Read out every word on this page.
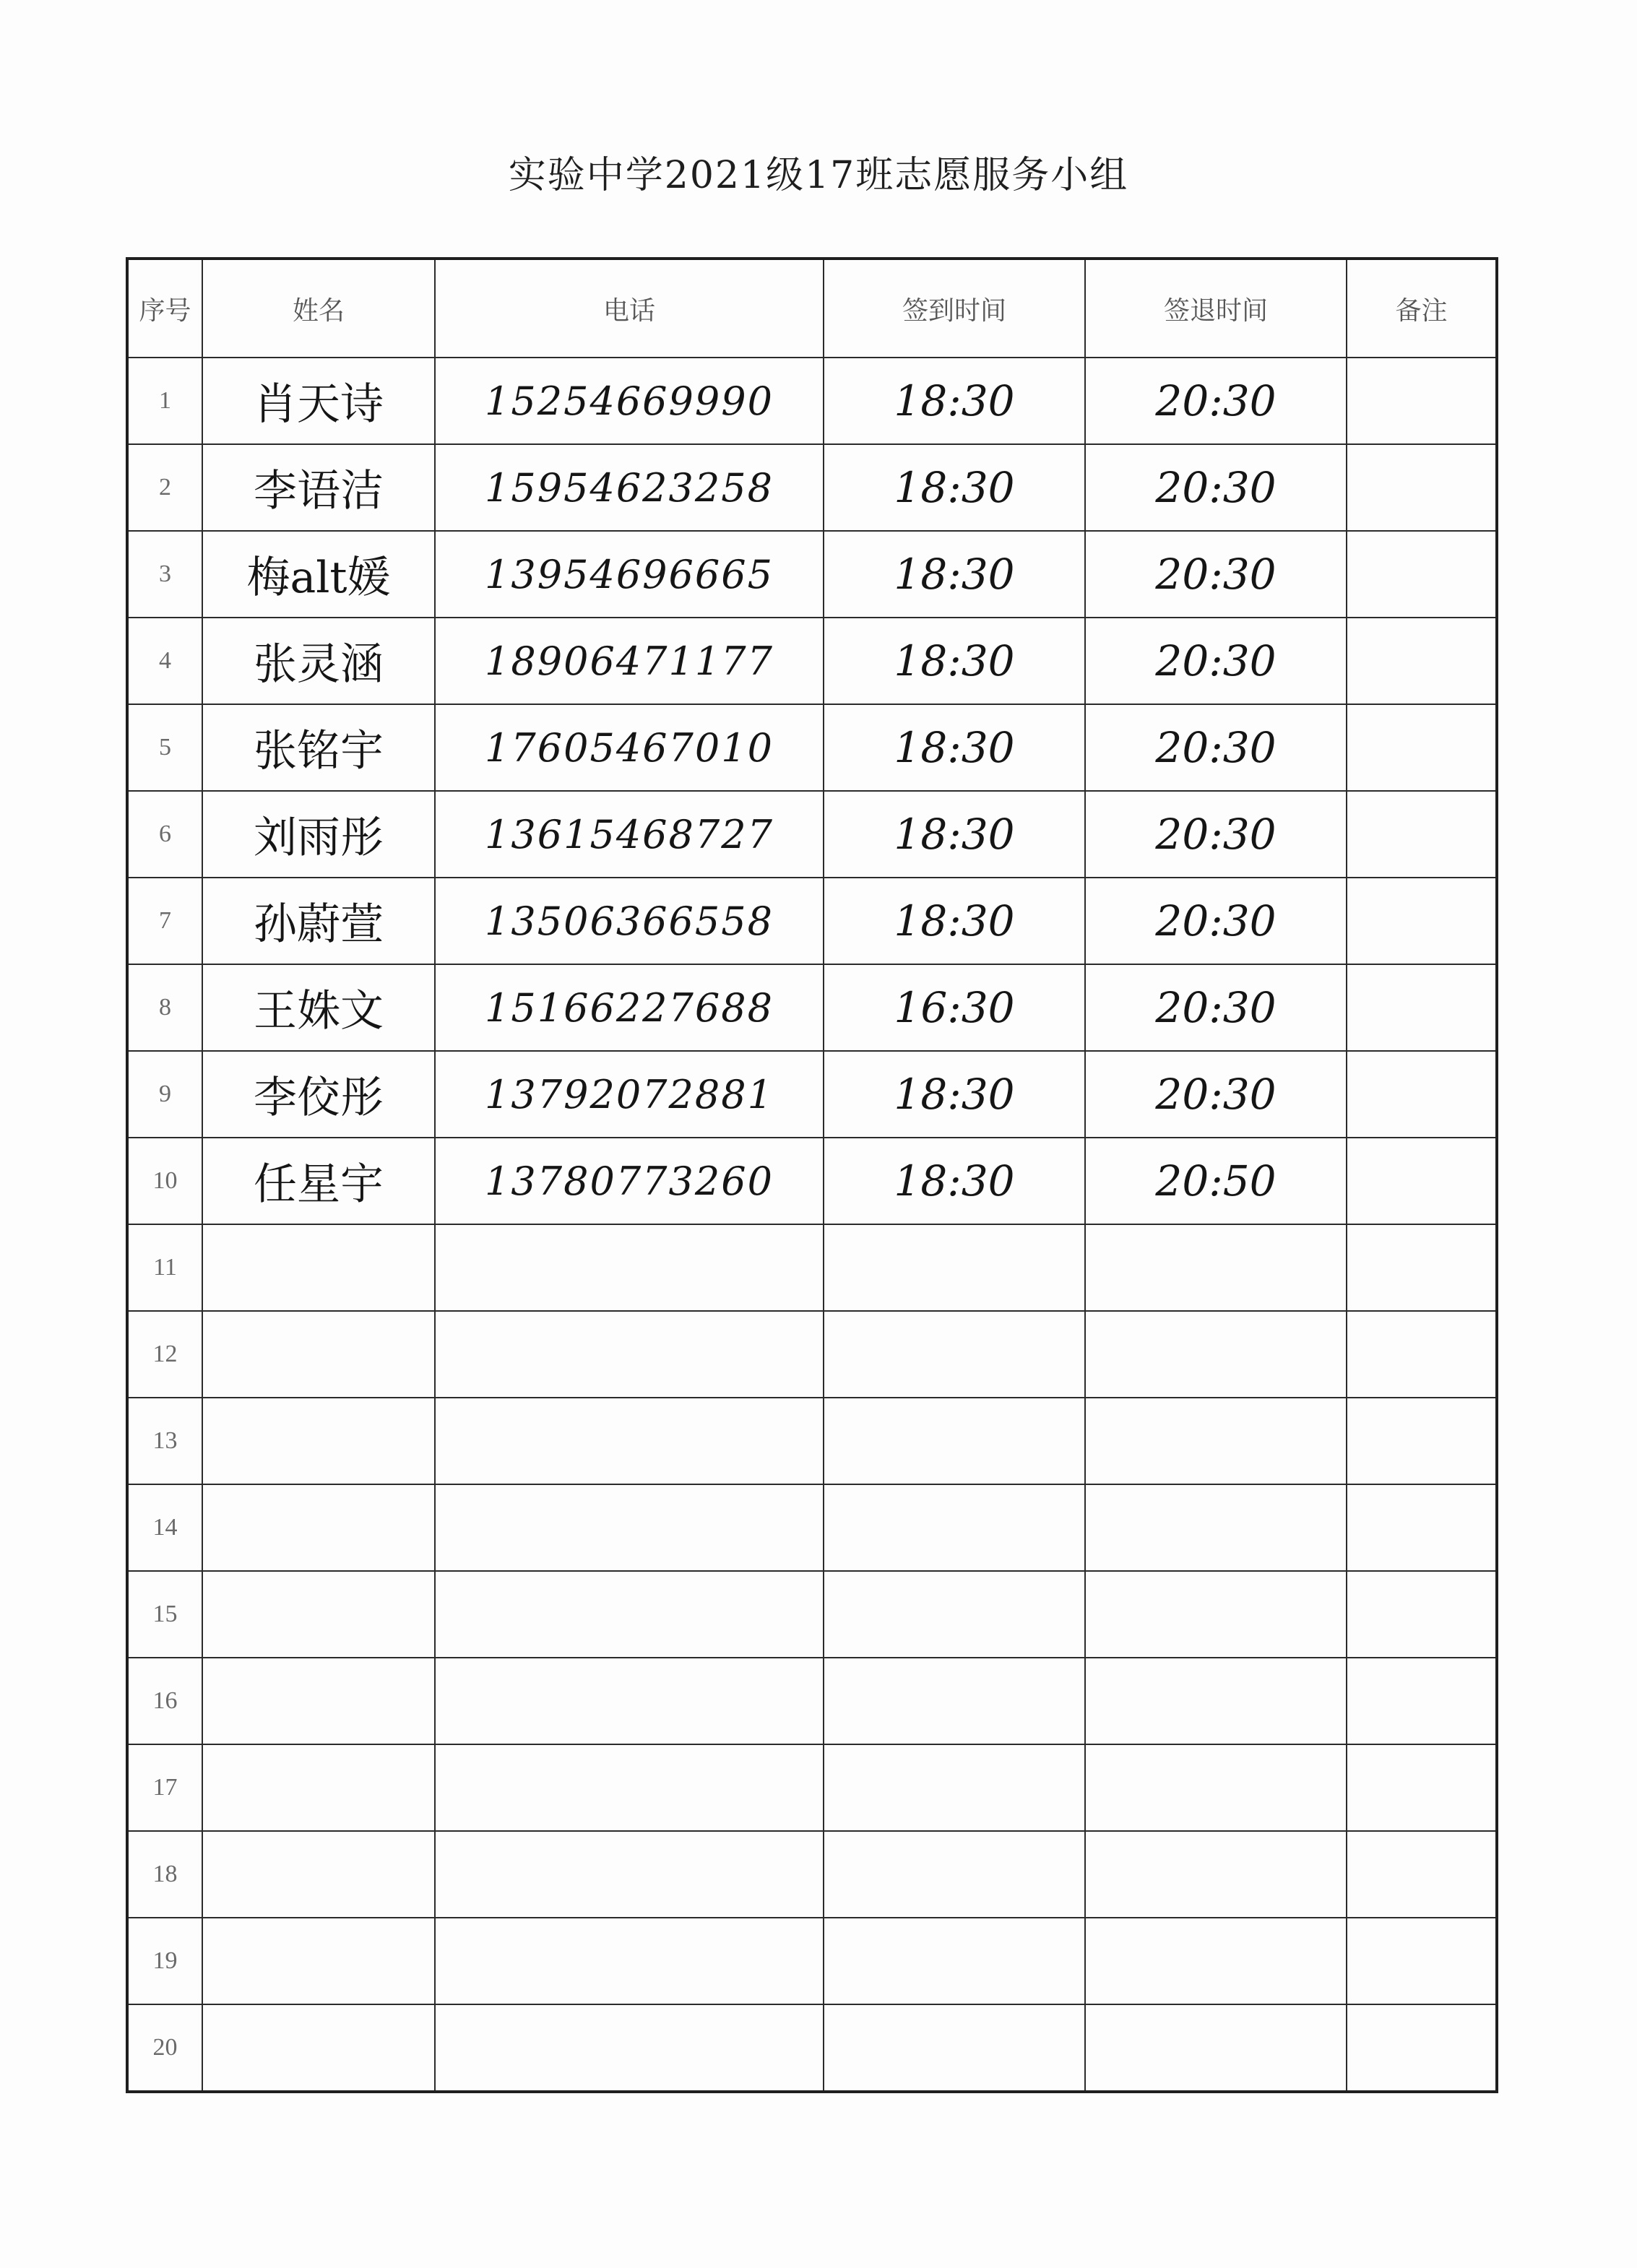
实验中学2021级17班志愿服务小组
序号	姓名	电话	签到时间	签退时间	备注
1	肖天诗	15254669990	18:30	20:30	
2	李语洁	15954623258	18:30	20:30	
3	梅alt媛	13954696665	18:30	20:30	
4	张灵涵	18906471177	18:30	20:30	
5	张铭宇	17605467010	18:30	20:30	
6	刘雨彤	13615468727	18:30	20:30	
7	孙蔚萱	13506366558	18:30	20:30	
8	王姝文	15166227688	16:30	20:30	
9	李佼彤	13792072881	18:30	20:30	
10	任星宇	13780773260	18:30	20:50	
11					
12					
13					
14					
15					
16					
17					
18					
19					
20					
